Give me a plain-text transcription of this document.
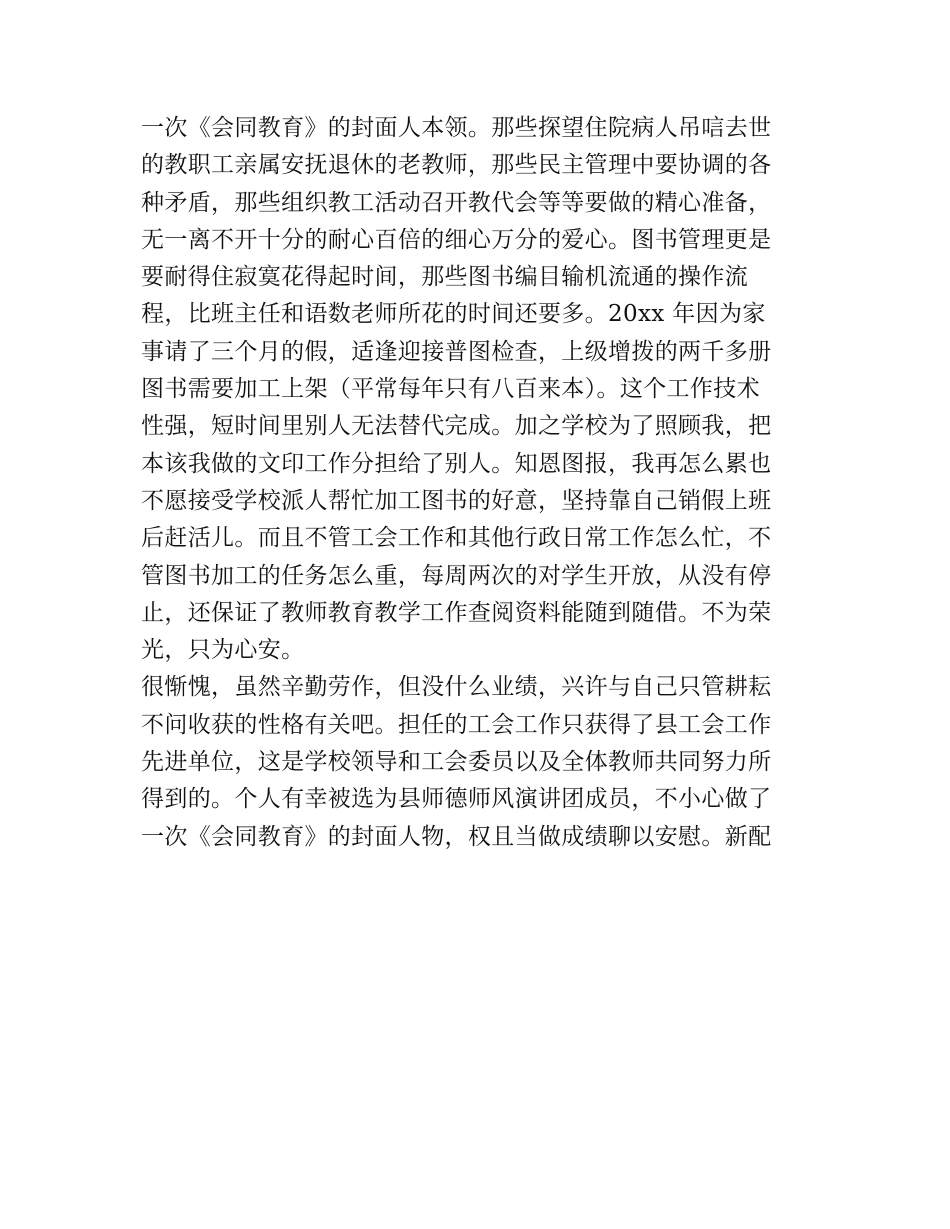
一次《会同教育》的封面人本领。那些探望住院病人吊唁去世
的教职工亲属安抚退休的老教师，那些民主管理中要协调的各
种矛盾，那些组织教工活动召开教代会等等要做的精心准备，
无一离不开十分的耐心百倍的细心万分的爱心。图书管理更是
要耐得住寂寞花得起时间，那些图书编目输机流通的操作流
程，比班主任和语数老师所花的时间还要多。20xx 年因为家
事请了三个月的假，适逢迎接普图检查，上级增拨的两千多册
图书需要加工上架（平常每年只有八百来本）。这个工作技术
性强，短时间里别人无法替代完成。加之学校为了照顾我，把
本该我做的文印工作分担给了别人。知恩图报，我再怎么累也
不愿接受学校派人帮忙加工图书的好意，坚持靠自己销假上班
后赶活儿。而且不管工会工作和其他行政日常工作怎么忙，不
管图书加工的任务怎么重，每周两次的对学生开放，从没有停
止，还保证了教师教育教学工作查阅资料能随到随借。不为荣
光，只为心安。
很惭愧，虽然辛勤劳作，但没什么业绩，兴许与自己只管耕耘
不问收获的性格有关吧。担任的工会工作只获得了县工会工作
先进单位，这是学校领导和工会委员以及全体教师共同努力所
得到的。个人有幸被选为县师德师风演讲团成员，不小心做了
一次《会同教育》的封面人物，权且当做成绩聊以安慰。新配
